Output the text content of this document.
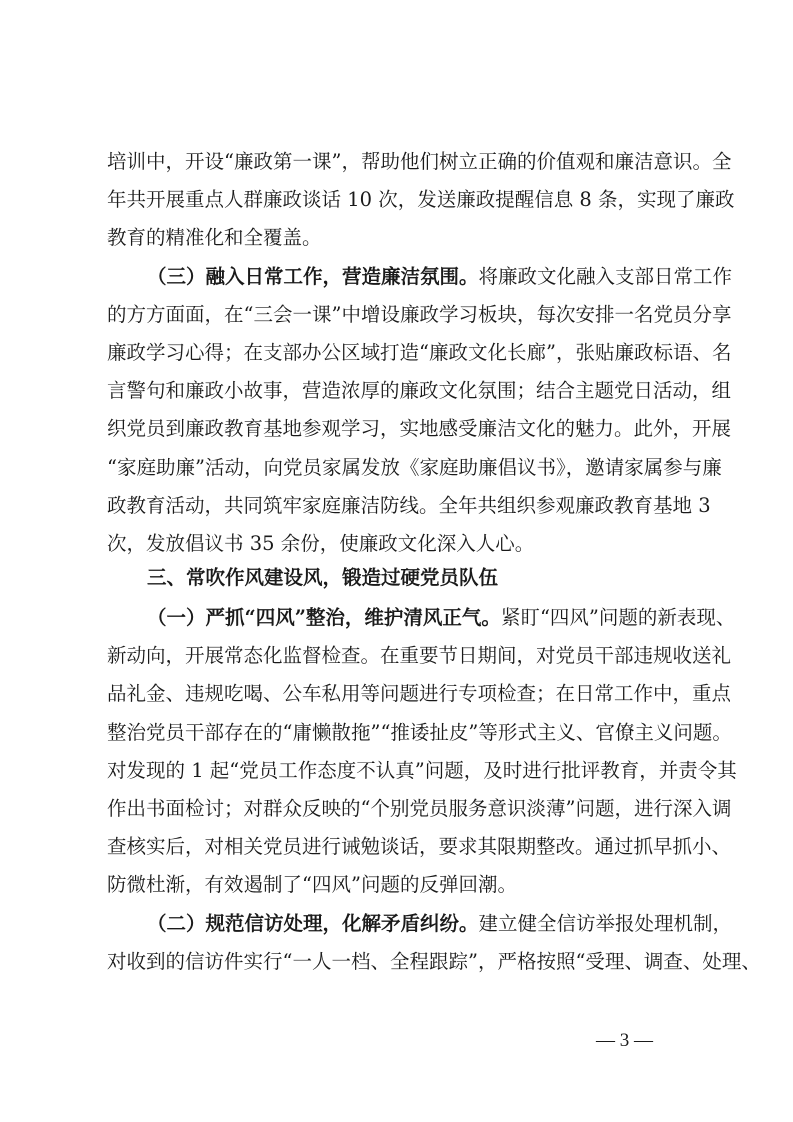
培训中，开设“廉政第一课”，帮助他们树立正确的价值观和廉洁意识。全
年共开展重点人群廉政谈话 10 次，发送廉政提醒信息 8 条，实现了廉政
教育的精准化和全覆盖。
（三）融入日常工作，营造廉洁氛围。将廉政文化融入支部日常工作
的方方面面，在“三会一课”中增设廉政学习板块，每次安排一名党员分享
廉政学习心得；在支部办公区域打造“廉政文化长廊”，张贴廉政标语、名
言警句和廉政小故事，营造浓厚的廉政文化氛围；结合主题党日活动，组
织党员到廉政教育基地参观学习，实地感受廉洁文化的魅力。此外，开展
“家庭助廉”活动，向党员家属发放《家庭助廉倡议书》，邀请家属参与廉
政教育活动，共同筑牢家庭廉洁防线。全年共组织参观廉政教育基地 3
次，发放倡议书 35 余份，使廉政文化深入人心。
三、常吹作风建设风，锻造过硬党员队伍
（一）严抓“四风”整治，维护清风正气。紧盯“四风”问题的新表现、
新动向，开展常态化监督检查。在重要节日期间，对党员干部违规收送礼
品礼金、违规吃喝、公车私用等问题进行专项检查；在日常工作中，重点
整治党员干部存在的“庸懒散拖”“推诿扯皮”等形式主义、官僚主义问题。
对发现的 1 起“党员工作态度不认真”问题，及时进行批评教育，并责令其
作出书面检讨；对群众反映的“个别党员服务意识淡薄”问题，进行深入调
查核实后，对相关党员进行诫勉谈话，要求其限期整改。通过抓早抓小、
防微杜渐，有效遏制了“四风”问题的反弹回潮。
（二）规范信访处理，化解矛盾纠纷。建立健全信访举报处理机制，
对收到的信访件实行“一人一档、全程跟踪”，严格按照“受理、调查、处理、
— 3 —
